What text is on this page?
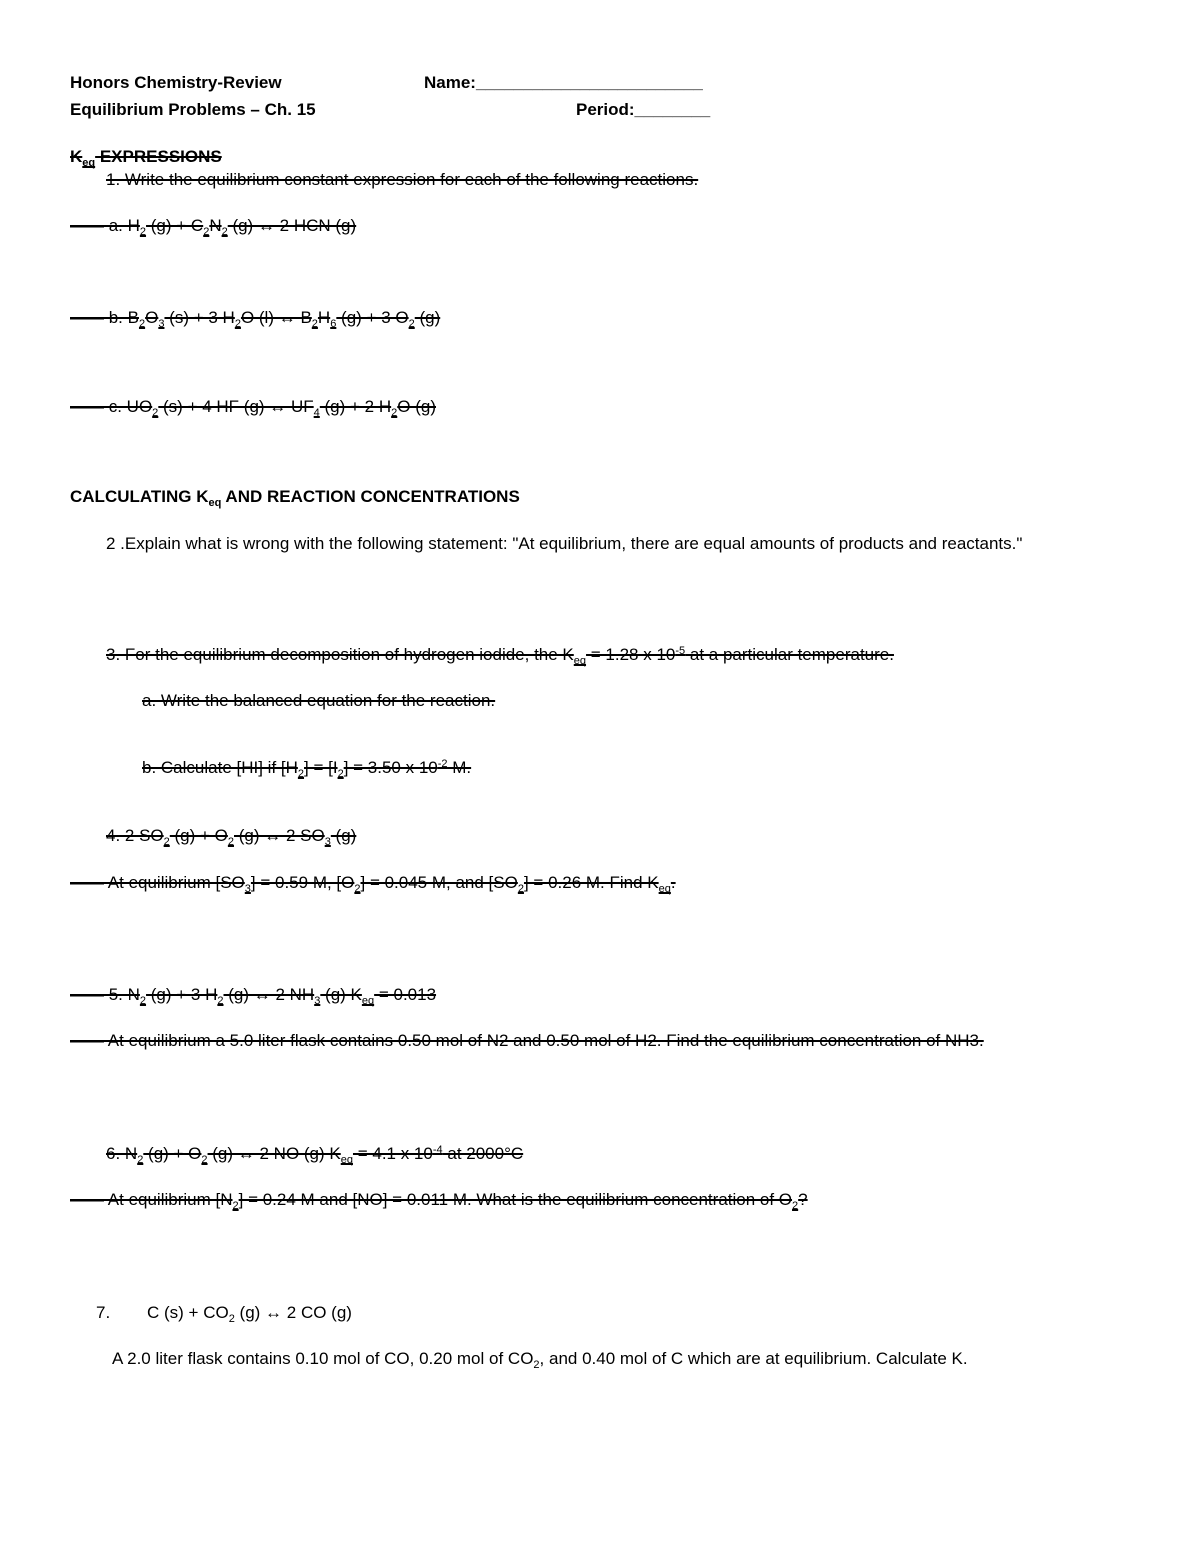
Honors Chemistry-Review	Name:________________________
Equilibrium Problems – Ch. 15	Period:________
$K_{eq}$ EXPRESSIONS
1. Write the equilibrium constant expression for each of the following reactions.
—— a. $H_2$ $(g) + C_2N_2$ (g) ↔ 2 HCN (g)
—— b. $B_2O_3$ (s) + 3 $H_2O$ (l) ↔ $B_2H_6$ (g) + 3 $O_2$ (g)
—— c. $UO_2$ (s) + 4 HF (g) ↔ $UF_4$ (g) + 2 $H_2O$ (g)
CALCULATING $K_{eq}$ AND REACTION CONCENTRATIONS
2 .Explain what is wrong with the following statement: "At equilibrium, there are equal amounts of products and reactants."
3. For the equilibrium decomposition of hydrogen iodide, the $K_{eq} = 1.28$ x $10^{-5}$ at a particular temperature.
a. Write the balanced equation for the reaction.
b. Calculate [HI] if $[H_2] = [I_2] = 3.50$ x $10^{-2}$ M.
4. 2 $SO_2$ $(g) + O_2$ (g) ↔ 2 $SO_3$ (g)
—— At equilibrium $[SO_3] = 0.59$ M, $[O_2] = 0.045$ M, and $[SO_2] = 0.26$ M. Find $K_{eq}$.
—— 5. $N_2$ (g) + 3 $H_2$ (g) ↔ 2 $NH_3$ (g) $K_{eq} = 0.013$
—— At equilibrium a 5.0 liter flask contains 0.50 mol of N2 and 0.50 mol of H2. Find the equilibrium concentration of NH3.
6. $N_2$ $(g) + O_2$ (g) ↔ 2 NO (g) $K_{eq} = 4.1$ x $10^{-4}$ at 2000°C
—— At equilibrium $[N_2] = 0.24$ M and [NO] = 0.011 M. What is the equilibrium concentration of $O_2$?
7. C $(s) + CO_2$ (g) ↔ 2 CO (g)
A 2.0 liter flask contains 0.10 mol of CO, 0.20 mol of $CO_2$, and 0.40 mol of C which are at equilibrium. Calculate K.
